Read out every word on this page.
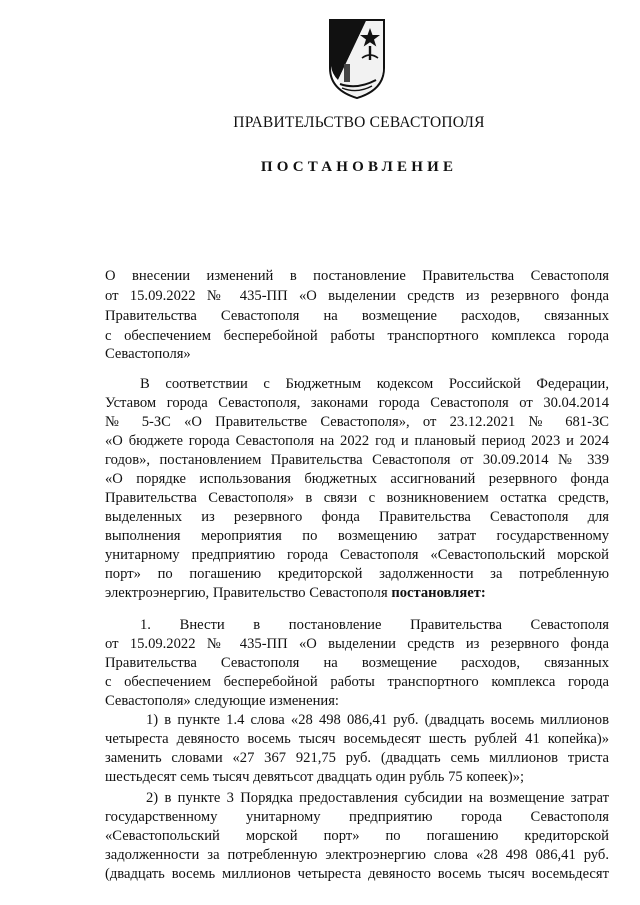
ПРАВИТЕЛЬСТВО СЕВАСТОПОЛЯ
ПОСТАНОВЛЕНИЕ
О внесении изменений в постановление Правительства Севастополя
от 15.09.2022 № 435-ПП «О выделении средств из резервного фонда
Правительства Севастополя на возмещение расходов, связанных
с обеспечением бесперебойной работы транспортного комплекса города
Севастополя»
В соответствии с Бюджетным кодексом Российской Федерации,
Уставом города Севастополя, законами города Севастополя от 30.04.2014
№ 5-ЗС «О Правительстве Севастополя», от 23.12.2021 № 681-ЗС
«О бюджете города Севастополя на 2022 год и плановый период 2023 и 2024
годов», постановлением Правительства Севастополя от 30.09.2014 № 339
«О порядке использования бюджетных ассигнований резервного фонда
Правительства Севастополя» в связи с возникновением остатка средств,
выделенных из резервного фонда Правительства Севастополя для
выполнения мероприятия по возмещению затрат государственному
унитарному предприятию города Севастополя «Севастопольский морской
порт» по погашению кредиторской задолженности за потребленную
электроэнергию, Правительство Севастополя постановляет:
1. Внести в постановление Правительства Севастополя
от 15.09.2022 № 435-ПП «О выделении средств из резервного фонда
Правительства Севастополя на возмещение расходов, связанных
с обеспечением бесперебойной работы транспортного комплекса города
Севастополя» следующие изменения:
1) в пункте 1.4 слова «28 498 086,41 руб. (двадцать восемь миллионов
четыреста девяносто восемь тысяч восемьдесят шесть рублей 41 копейка)»
заменить словами «27 367 921,75 руб. (двадцать семь миллионов триста
шестьдесят семь тысяч девятьсот двадцать один рубль 75 копеек)»;
2) в пункте 3 Порядка предоставления субсидии на возмещение затрат
государственному унитарному предприятию города Севастополя
«Севастопольский морской порт» по погашению кредиторской
задолженности за потребленную электроэнергию слова «28 498 086,41 руб.
(двадцать восемь миллионов четыреста девяносто восемь тысяч восемьдесят
